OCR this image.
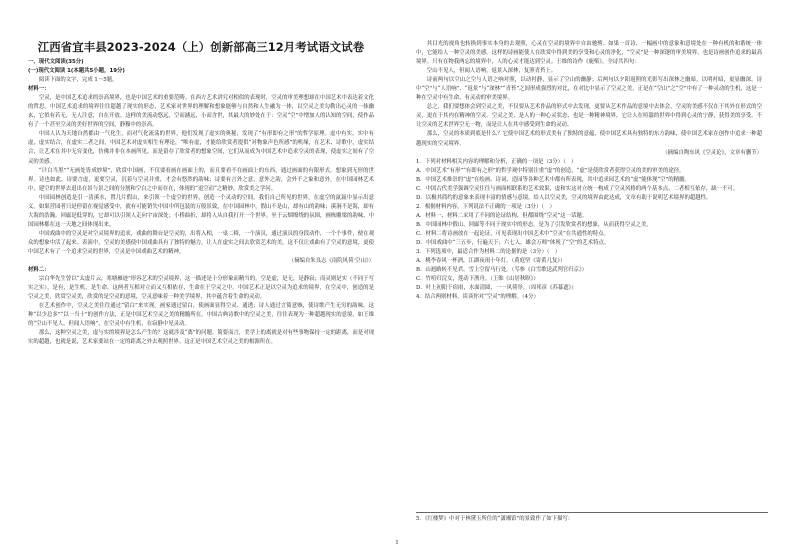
江西省宜丰县2023-2024（上）创新部高三12月考试语文试卷

一、现代文阅读(35分)

(一)现代文阅读 1(本题共5小题，19分)

阅读下面的文字，完成 1～5题。

材料一：

空灵，是中国艺术追求的崇高境界，也是中国艺术的重要范畴。在西方艺术讲究对相似的表现时，空灵的审美理想却在中国艺术中表达着文化的哲思。中国艺术追求的境界往往超越了现实的形态，艺术家对世界的理解和想象能够与自然和人生融为一体，以空灵之美勾勒出心灵的一抹幽玄，它似有若无，无人注意，自在开放。这样的美流动悠远，空而涵远，小而含世，其最大的妙处在于：空灵“空”中增加人的认知的空间，使作品有了一个甚至空灵的美好世界的空间，静穆中的崇高。

中国人认为天地自然都由一气化生，而对气化流荡的世界，他们发现了虚实的奥秘，发现了“有形即有之形”的哲学原理。虚中有实，实中有虚，虚实结合，在虚实二者之间，中国艺术对虚实相生有理论，“唯有虚，才能给欣赏者提供“对物象声色所感”的机缘，在艺术、诗歌中，虚实结合，让艺术在其中无穷变化，仿佛并非在本画所见，而是留存了欣赏者的想象空间，它们从而成为中国艺术中追求空灵的表现，使虚实之间有了空灵的美感。

“计白当黑”“无画处皆成妙境”，欣赏中国画，不仅要看画在画面上的，而且要看不在画面上的东西，通过画面的有限形式，想象到无形的世界。诗也如此，诗要言虚，更要空灵，沉着与空灵并重，才会有悠然的韵味；诗要有言外之意，意外之韵，会外不之象和意外。在中国园林艺术中，建空的世界去退出在景与景之间的分割和空白之中而存在，体现的“退空而“之精妙，欣赏美之学问。

中国园林创造是引一清溪水，置几片假山，来引领一个虚空的世界，创造一个灵动的空间，我们自己所见的世界，在虚空的氤氲中显示出意义。如果营园者只是停留在视觉感受中，就有可能销失中国中所包装的万般景致，在中国园林中，假山不是山，却有山的韵味；溪涧不是海，却有大海的浩瀚。回廊是低穿的，它却可以引领人走向宇宙深处；小桥曲折，却将人从自我打开一个世界。至于云烟缭绕的氛围，画栋雕梁的韵味，中国园林都在这一天地之间体现出来。

中国戏曲中的空灵是对空灵境界的追求，戏曲的舞台是空灵的，出将入相，一桌二椅，一个演员，通过演员的身段动作，一个个事件，便在观众的想象中活了起来。表演中，空灵的美感使中国戏曲具有了独特的魅力，让人在虚实之间去欣赏艺术的美，这不仅让戏曲有了空灵的意境，更使中国艺术有了一个追求空灵的世界，空灵是中国戏曲艺术的精神。

（摘编自朱良志《南院风荷·空山》）

材料二：

宗白华先生曾以“太虚片云，寒塘雁迹”形容艺术的空灵境界，这一描述是十分形象而精当的。空是虚，是无，是静寂；而灵则是实（不同于写实之实），是有，是生机，是生命。这两者互相对立而又互相依存，生命在于空灵之中。中国艺术正是以空灵为追求的境界，在空灵中，创造的是空灵之美，欣赏空灵美，欣赏的是空灵的意境，空灵意味着一种美学境界，其中蕴含着生命的灵动。

在艺术创作中，空灵之美往往通过“留白”来实现。画家通过留白，使画面显得空灵、通透；诗人通过言简意赅，使诗歌产生无穷的韵味。这种“以少总多”“以一当十”的创作方法，正是中国艺术空灵之美的精髓所在。中国古典诗歌中的空灵之美，往往表现为一种超越现实的意境，如王维的“空山不见人，但闻人语响”，在空灵中有生机，在寂静中见灵动。

那么，这种空灵之美，虚与实的境界是怎么产生的？这就涉及“离”的问题。简要而言，美学上的离就是对有些事物保持一定的距离，而是对现实的超越，也就是说，艺术家要站在一定的距离之外去观照世界。这正是中国艺术空灵之美的根源所在。

其目光的视角也转换到事实本身的去观照，心灵在空灵的境界中自由驰骋。如果一首诗、一幅画中的意象和意境处在一种有机的和谐统一体中，它能给人一种空灵的美感。这样的诗画能使人在欣赏中得到美的享受和心灵的净化，“空灵”是一种深邃的审美境界，也是诗画创作追求的最高境界。只有在物我两忘的境界中，人的心灵才能达到空灵。王维的诗作《鹿柴》，全诗共四句：

空山不见人，但闻人语响。返景入深林，复照青苔上。

诗前两句以空山之空与人语之响对照，以动衬静，显示了空山的幽静；后两句以夕阳返照的光影写出深林之幽暗，以明衬暗，更显幽深。诗中“空”与“人语响”、“返景”与“深林”“青苔”之间形成强烈的对比，在对比中显示了空灵之美，正是在“空山”之“空”中有了一种灵动的生机，这是一种在空灵中有生命、有灵动的审美境界。

总之，我们要想体会到空灵之美，不仅要从艺术作品的形式中去发现，更要从艺术作品的意境中去体会，空灵的美感不仅在于其外在形式的空灵，更在于其内在精神的空灵。空灵之美，是人的一种心灵状态，也是一种精神境界，它让人在喧嚣的世界中得到心灵的宁静，获得美的享受。不让空灵的艺术世界空无一物，而是让人在其中感受到生命的灵动。

那么，空灵的本质到底是什么？它使中国艺术的形式美有了独特的意蕴，使中国艺术具有独特的东方韵味，使中国艺术家在创作中追求一种超越现实的空灵境界。

（摘编自陶东风《空灵论》，文章有删节）

1．下列对材料相关内容的理解和分析，正确的一项是（3分）（　）

A．中国艺术“有形”“有即有之形”的哲学观中特别注重“虚”的创造，“虚”是使欣赏者获得空灵的美的审美的途径。

B．中国艺术推崇的“虚”在绘画、诗词、造园等各种艺术中都有所表现，其中追求园艺术的“虚”能体现“空”的精髓。

C．中国古代美学强调空灵往往与画面相联系的艺术效果，虚和实这对立统一构成了空灵风格的两个基本点，二者相互依存，缺一不可。

D．以极其简约的意象来表现丰富的情感与意境，给人以空灵美，空灵的境界由此达成，文章有助于说明艺术境界的超越性。

2．根据材料内容，下列说法不正确的一项是（3分）（　）

A．材料一、材料二采用了不同的论证结构，但都围绕“空灵”这一话题。

B．中国园林中假山、回廊等不同于现实中的形态，是为了引发欣赏者的想象，从而获得空灵之美。

C．材料二将诗画放在一起论证，可见表现出中国艺术中“空灵”在共通性的特点。

D．中国戏曲中“三五步，行遍天下；六七人，雄会万师”体现了“空”的艺术特点。

3．下列选项中，最适合作为材料二的论据的是（3分）（　）

A．桃李春风一杯酒，江湖夜雨十年灯。（黄庭坚《寄黄几复》）

B．山迴路转不见君，雪上空留马行处。（岑参《白雪歌送武判官归京》）

C．竹喧归浣女，莲动下渔舟。（王维《山居秋暝》）

D．叶上初阳干宿雨，水面清圆，一一风荷举。（周邦彦《苏幕遮》）

4．结合两则材料，谈谈你对“空灵”的理解。（4分）

5．《红楼梦》中对于林黛玉所住的“潇湘馆”的景致作了如下描写：
1
